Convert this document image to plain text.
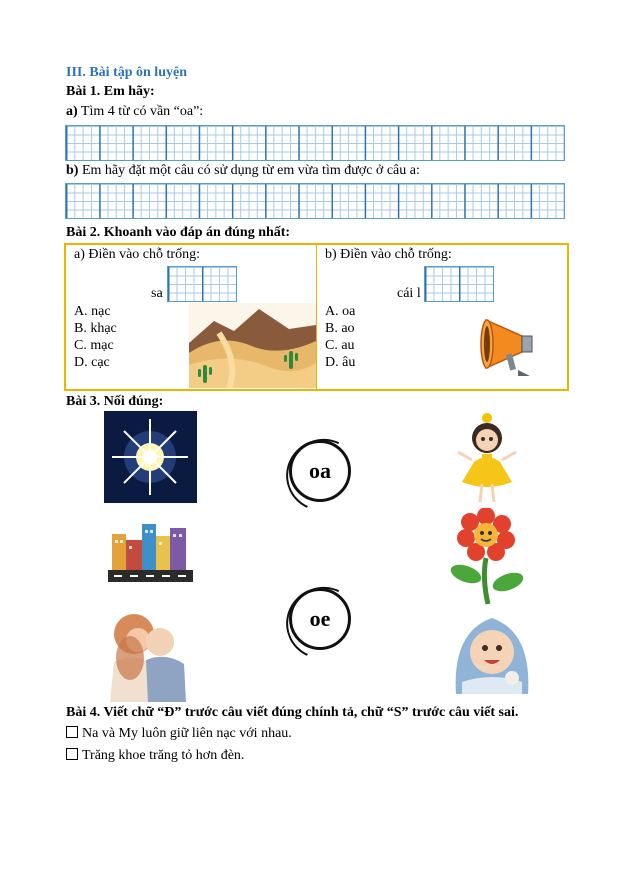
III. Bài tập ôn luyện
Bài 1. Em hãy:
a) Tìm 4 từ có vần “oa”:
b) Em hãy đặt một câu có sử dụng từ em vừa tìm được ở câu a:
Bài 2. Khoanh vào đáp án đúng nhất:
a) Điền vào chỗ trống:
sa
A. nạc
B. khạc
C. mạc
D. cạc
b) Điền vào chỗ trống:
cái l
A. oa
B. ao
C. au
D. âu
Bài 3. Nối đúng:
oa
oe
Bài 4. Viết chữ “Đ” trước câu viết đúng chính tả, chữ “S” trước câu viết sai.
Na và My luôn giữ liên nạc với nhau.
Trăng khoe trăng tỏ hơn đèn.
